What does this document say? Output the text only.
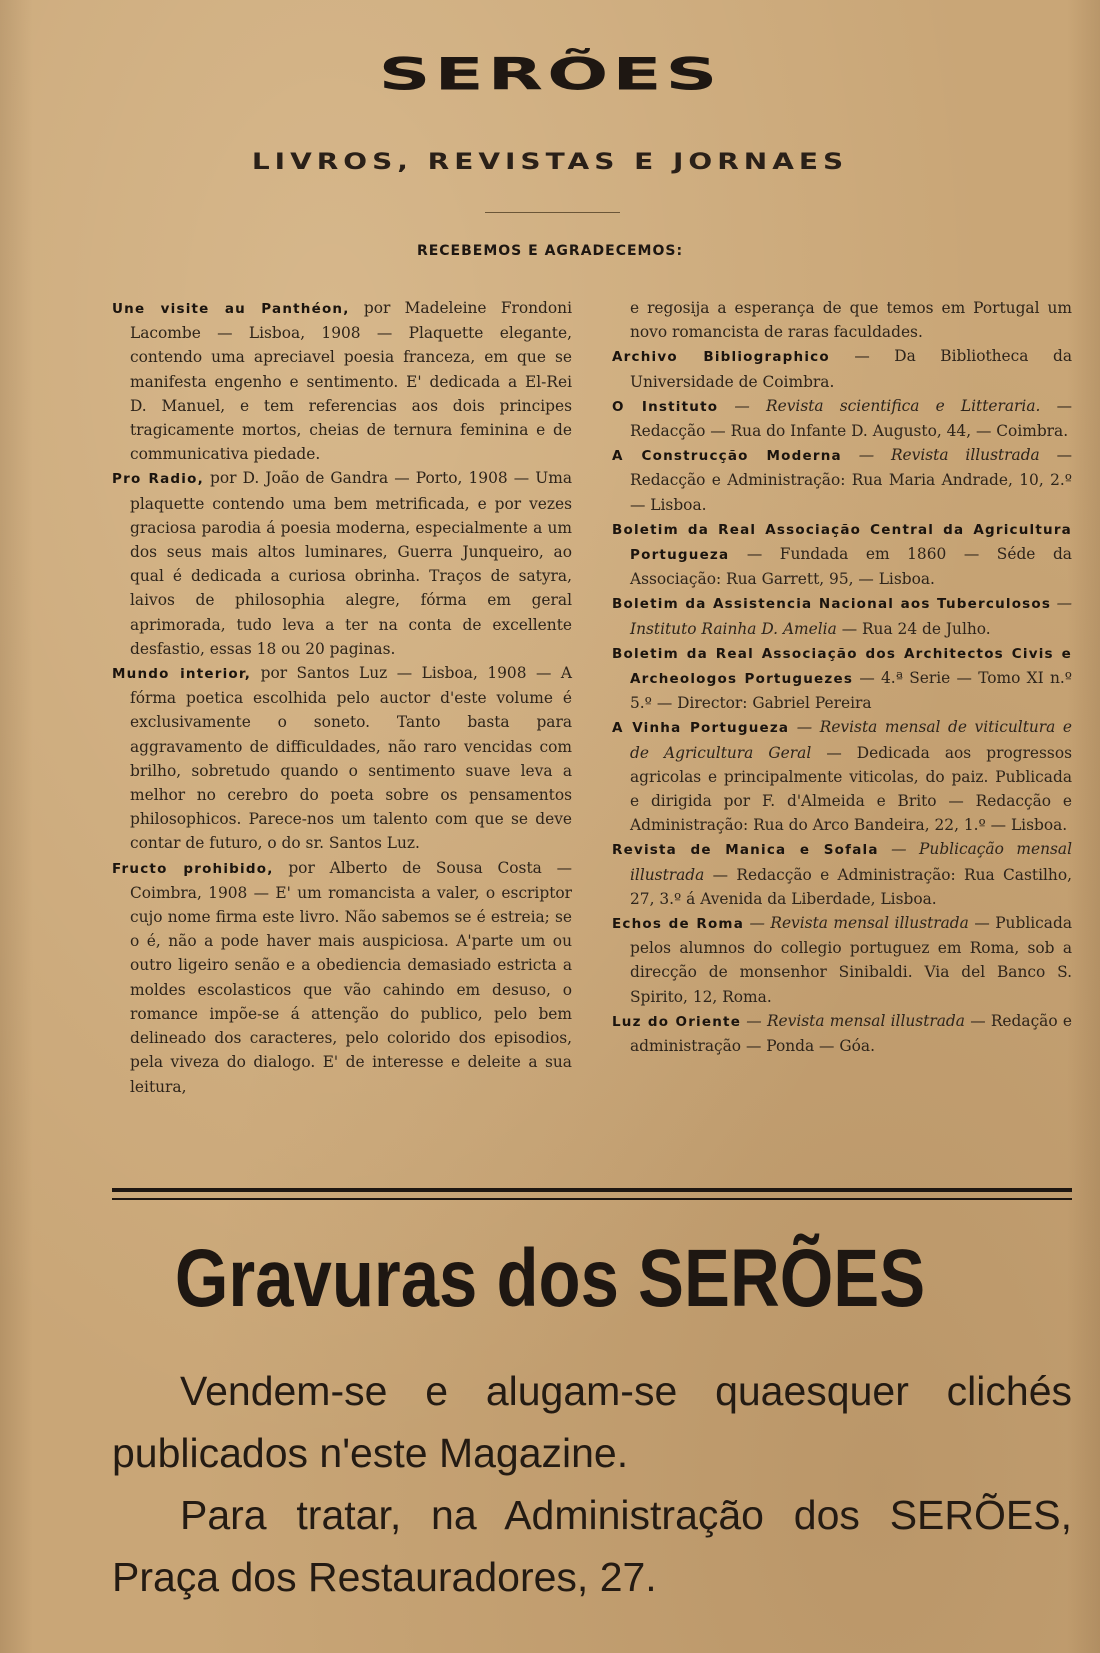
SERÕES
LIVROS, REVISTAS E JORNAES
RECEBEMOS E AGRADECEMOS:

Une visite au Panthéon, por Madeleine Frondoni Lacombe — Lisboa, 1908 — Plaquette elegante, contendo uma apreciavel poesia franceza, em que se manifesta engenho e sentimento. E' dedicada a El-Rei D. Manuel, e tem referencias aos dois principes tragicamente mortos, cheias de ternura feminina e de communicativa piedade.

Pro Radio, por D. João de Gandra — Porto, 1908 — Uma plaquette contendo uma bem metrificada, e por vezes graciosa parodia á poesia moderna, especialmente a um dos seus mais altos luminares, Guerra Junqueiro, ao qual é dedicada a curiosa obrinha. Traços de satyra, laivos de philosophia alegre, fórma em geral aprimorada, tudo leva a ter na conta de excellente desfastio, essas 18 ou 20 paginas.

Mundo interior, por Santos Luz — Lisboa, 1908 — A fórma poetica escolhida pelo auctor d'este volume é exclusivamente o soneto. Tanto basta para aggravamento de difficuldades, não raro vencidas com brilho, sobretudo quando o sentimento suave leva a melhor no cerebro do poeta sobre os pensamentos philosophicos. Parece-nos um talento com que se deve contar de futuro, o do sr. Santos Luz.

Fructo prohibido, por Alberto de Sousa Costa — Coimbra, 1908 — E' um romancista a valer, o escriptor cujo nome firma este livro. Não sabemos se é estreia; se o é, não a pode haver mais auspiciosa. A'parte um ou outro ligeiro senão e a obediencia demasiado estricta a moldes escolasticos que vão cahindo em desuso, o romance impõe-se á attenção do publico, pelo bem delineado dos caracteres, pelo colorido dos episodios, pela viveza do dialogo. E' de interesse e deleite a sua leitura,

e regosija a esperança de que temos em Portugal um novo romancista de raras faculdades.

Archivo Bibliographico — Da Bibliotheca da Universidade de Coimbra.

O Instituto — Revista scientifica e Litteraria. — Redacção — Rua do Infante D. Augusto, 44, — Coimbra.

A Construcção Moderna — Revista illustrada — Redacção e Administração: Rua Maria Andrade, 10, 2.º — Lisboa.

Boletim da Real Associação Central da Agricultura Portugueza — Fundada em 1860 — Séde da Associação: Rua Garrett, 95, — Lisboa.

Boletim da Assistencia Nacional aos Tuberculosos — Instituto Rainha D. Amelia — Rua 24 de Julho.

Boletim da Real Associação dos Architectos Civis e Archeologos Portuguezes — 4.ª Serie — Tomo XI n.º 5.º — Director: Gabriel Pereira

A Vinha Portugueza — Revista mensal de viticultura e de Agricultura Geral — Dedicada aos progressos agricolas e principalmente viticolas, do paiz. Publicada e dirigida por F. d'Almeida e Brito — Redacção e Administração: Rua do Arco Bandeira, 22, 1.º — Lisboa.

Revista de Manica e Sofala — Publicação mensal illustrada — Redacção e Administração: Rua Castilho, 27, 3.º á Avenida da Liberdade, Lisboa.

Echos de Roma — Revista mensal illustrada — Publicada pelos alumnos do collegio portuguez em Roma, sob a direcção de monsenhor Sinibaldi. Via del Banco S. Spirito, 12, Roma.

Luz do Oriente — Revista mensal illustrada — Redação e administração — Ponda — Góa.

Gravuras dos SERÕES

Vendem-se e alugam-se quaesquer clichés publicados n'este Magazine.

Para tratar, na Administração dos SERÕES, Praça dos Restauradores, 27.
